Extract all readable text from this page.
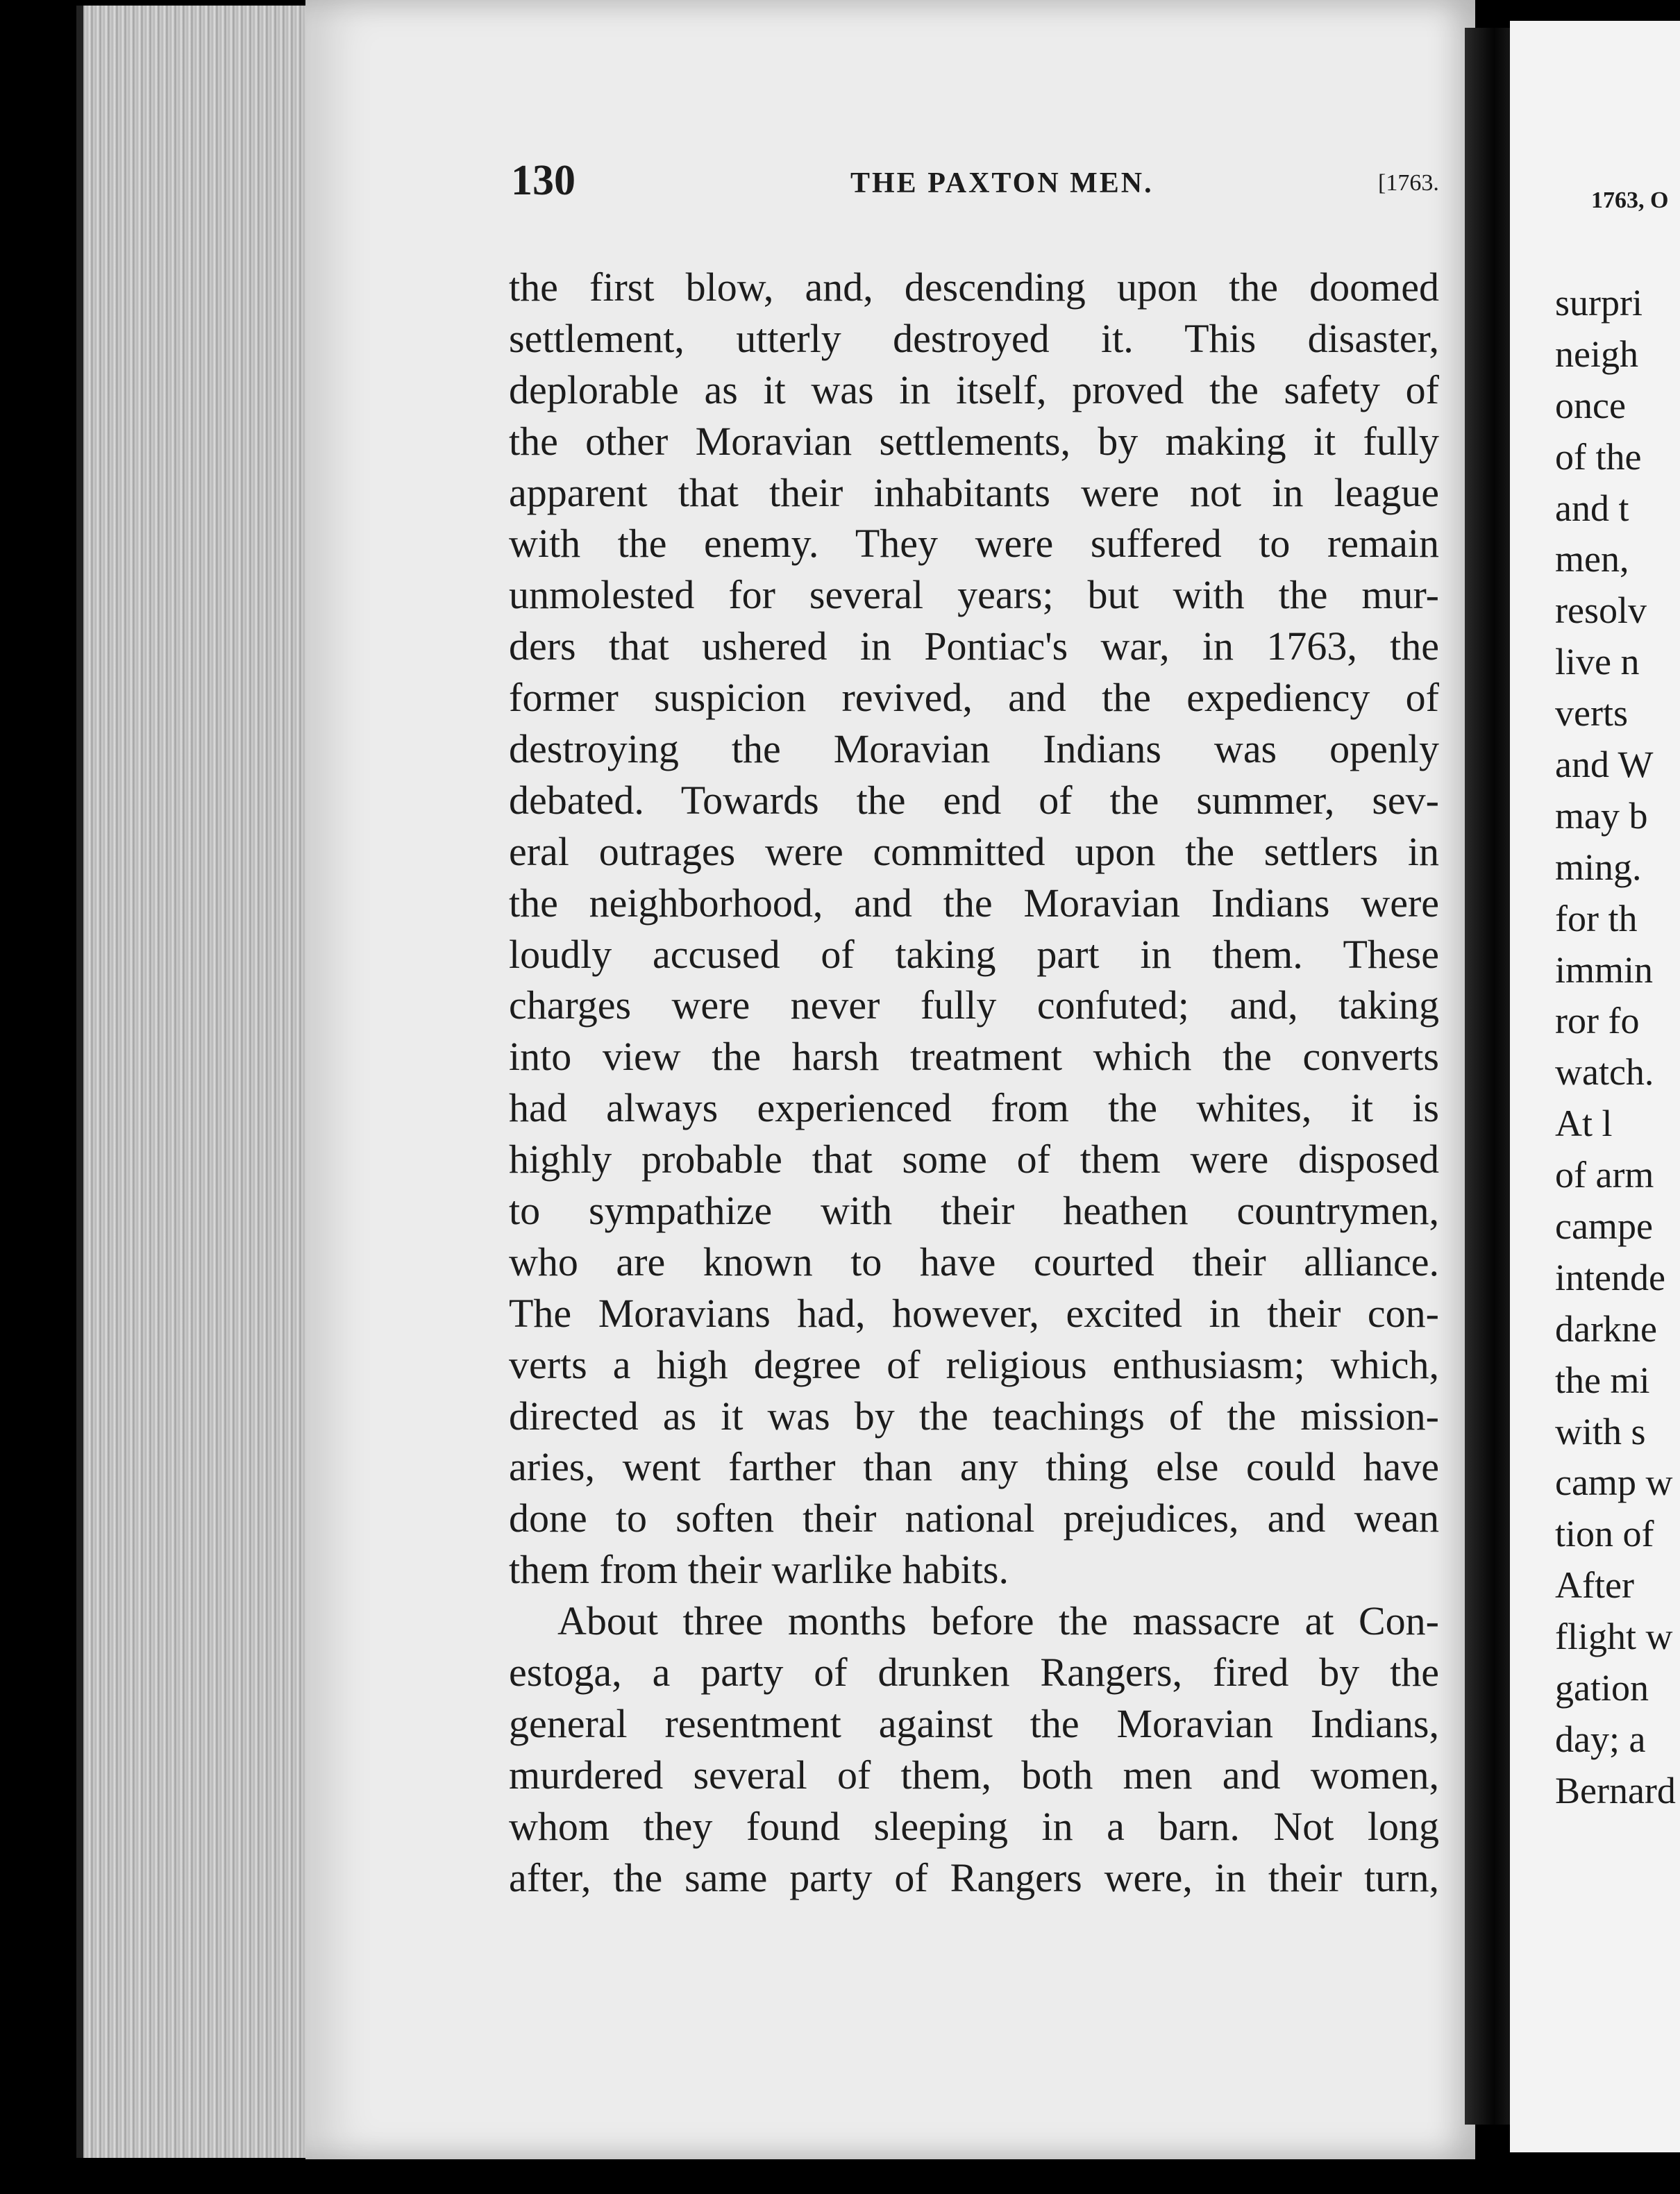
130	THE PAXTON MEN.	[1763.
the first blow, and, descending upon the doomed
settlement, utterly destroyed it. This disaster,
deplorable as it was in itself, proved the safety of
the other Moravian settlements, by making it fully
apparent that their inhabitants were not in league
with the enemy. They were suffered to remain
unmolested for several years; but with the mur-
ders that ushered in Pontiac's war, in 1763, the
former suspicion revived, and the expediency of
destroying the Moravian Indians was openly
debated. Towards the end of the summer, sev-
eral outrages were committed upon the settlers in
the neighborhood, and the Moravian Indians were
loudly accused of taking part in them. These
charges were never fully confuted; and, taking
into view the harsh treatment which the converts
had always experienced from the whites, it is
highly probable that some of them were disposed
to sympathize with their heathen countrymen,
who are known to have courted their alliance.
The Moravians had, however, excited in their con-
verts a high degree of religious enthusiasm; which,
directed as it was by the teachings of the mission-
aries, went farther than any thing else could have
done to soften their national prejudices, and wean
them from their warlike habits.
About three months before the massacre at Con-
estoga, a party of drunken Rangers, fired by the
general resentment against the Moravian Indians,
murdered several of them, both men and women,
whom they found sleeping in a barn. Not long
after, the same party of Rangers were, in their turn,
1763, O
surpri
neigh
once
of the
and t
men,
resolv
live n
verts
and W
may b
ming.
for th
immin
ror fo
watch.
At l
of arm
campe
intende
darkne
the mi
with s
camp w
tion of
After
flight w
gation
day; a
Bernard
